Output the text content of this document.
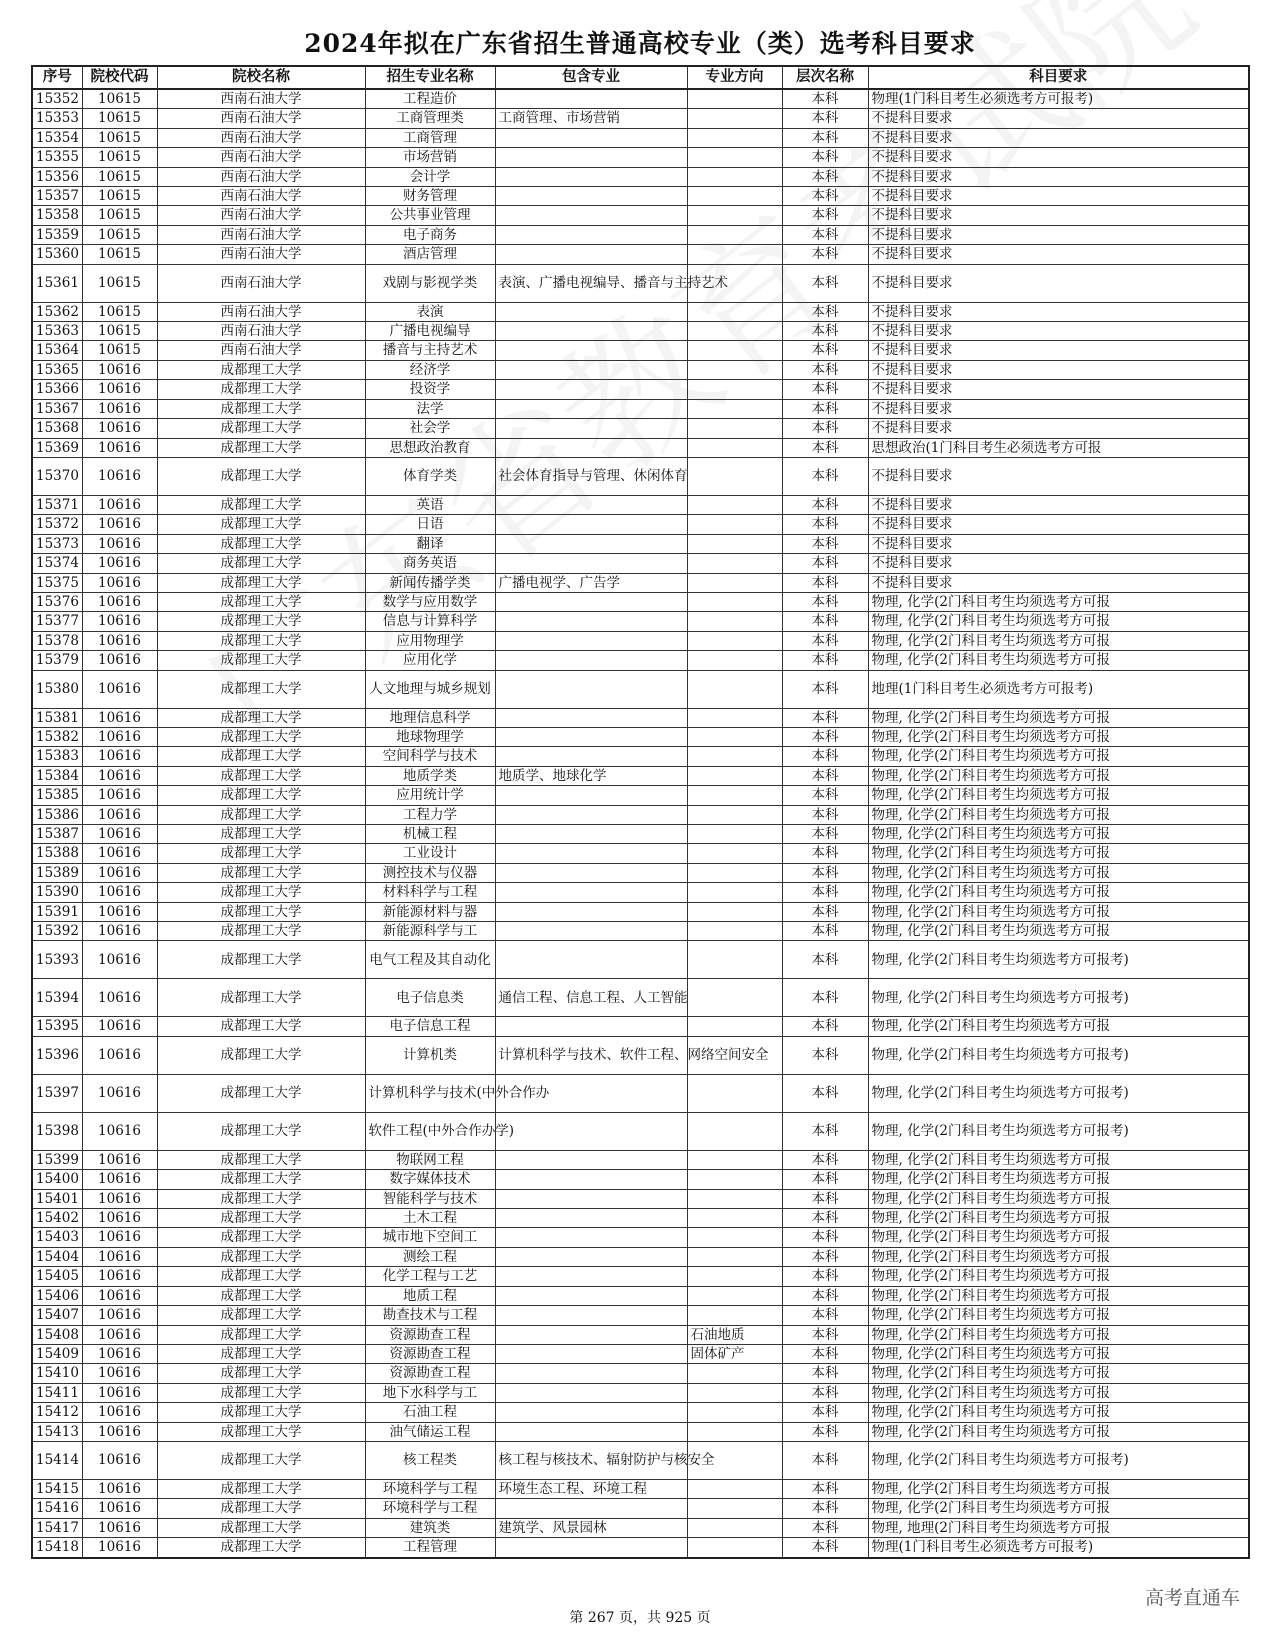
2024年拟在广东省招生普通高校专业（类）选考科目要求
序号	院校代码	院校名称	招生专业名称	包含专业	专业方向	层次名称	科目要求
15352	10615	西南石油大学	工程造价			本科	物理(1门科目考生必须选考方可报考)
15353	10615	西南石油大学	工商管理类	工商管理、市场营销		本科	不提科目要求
15354	10615	西南石油大学	工商管理			本科	不提科目要求
15355	10615	西南石油大学	市场营销			本科	不提科目要求
15356	10615	西南石油大学	会计学			本科	不提科目要求
15357	10615	西南石油大学	财务管理			本科	不提科目要求
15358	10615	西南石油大学	公共事业管理			本科	不提科目要求
15359	10615	西南石油大学	电子商务			本科	不提科目要求
15360	10615	西南石油大学	酒店管理			本科	不提科目要求
15361	10615	西南石油大学	戏剧与影视学类	表演、广播电视编导、播音与主持艺术		本科	不提科目要求
15362	10615	西南石油大学	表演			本科	不提科目要求
15363	10615	西南石油大学	广播电视编导			本科	不提科目要求
15364	10615	西南石油大学	播音与主持艺术			本科	不提科目要求
15365	10616	成都理工大学	经济学			本科	不提科目要求
15366	10616	成都理工大学	投资学			本科	不提科目要求
15367	10616	成都理工大学	法学			本科	不提科目要求
15368	10616	成都理工大学	社会学			本科	不提科目要求
15369	10616	成都理工大学	思想政治教育			本科	思想政治(1门科目考生必须选考方可报
15370	10616	成都理工大学	体育学类	社会体育指导与管理、休闲体育		本科	不提科目要求
15371	10616	成都理工大学	英语			本科	不提科目要求
15372	10616	成都理工大学	日语			本科	不提科目要求
15373	10616	成都理工大学	翻译			本科	不提科目要求
15374	10616	成都理工大学	商务英语			本科	不提科目要求
15375	10616	成都理工大学	新闻传播学类	广播电视学、广告学		本科	不提科目要求
15376	10616	成都理工大学	数学与应用数学			本科	物理, 化学(2门科目考生均须选考方可报
15377	10616	成都理工大学	信息与计算科学			本科	物理, 化学(2门科目考生均须选考方可报
15378	10616	成都理工大学	应用物理学			本科	物理, 化学(2门科目考生均须选考方可报
15379	10616	成都理工大学	应用化学			本科	物理, 化学(2门科目考生均须选考方可报
15380	10616	成都理工大学	人文地理与城乡规划			本科	地理(1门科目考生必须选考方可报考)
15381	10616	成都理工大学	地理信息科学			本科	物理, 化学(2门科目考生均须选考方可报
15382	10616	成都理工大学	地球物理学			本科	物理, 化学(2门科目考生均须选考方可报
15383	10616	成都理工大学	空间科学与技术			本科	物理, 化学(2门科目考生均须选考方可报
15384	10616	成都理工大学	地质学类	地质学、地球化学		本科	物理, 化学(2门科目考生均须选考方可报
15385	10616	成都理工大学	应用统计学			本科	物理, 化学(2门科目考生均须选考方可报
15386	10616	成都理工大学	工程力学			本科	物理, 化学(2门科目考生均须选考方可报
15387	10616	成都理工大学	机械工程			本科	物理, 化学(2门科目考生均须选考方可报
15388	10616	成都理工大学	工业设计			本科	物理, 化学(2门科目考生均须选考方可报
15389	10616	成都理工大学	测控技术与仪器			本科	物理, 化学(2门科目考生均须选考方可报
15390	10616	成都理工大学	材料科学与工程			本科	物理, 化学(2门科目考生均须选考方可报
15391	10616	成都理工大学	新能源材料与器			本科	物理, 化学(2门科目考生均须选考方可报
15392	10616	成都理工大学	新能源科学与工			本科	物理, 化学(2门科目考生均须选考方可报
15393	10616	成都理工大学	电气工程及其自动化			本科	物理, 化学(2门科目考生均须选考方可报考)
15394	10616	成都理工大学	电子信息类	通信工程、信息工程、人工智能		本科	物理, 化学(2门科目考生均须选考方可报考)
15395	10616	成都理工大学	电子信息工程			本科	物理, 化学(2门科目考生均须选考方可报
15396	10616	成都理工大学	计算机类	计算机科学与技术、软件工程、网络空间安全		本科	物理, 化学(2门科目考生均须选考方可报考)
15397	10616	成都理工大学	计算机科学与技术(中外合作办			本科	物理, 化学(2门科目考生均须选考方可报考)
15398	10616	成都理工大学	软件工程(中外合作办学)			本科	物理, 化学(2门科目考生均须选考方可报考)
15399	10616	成都理工大学	物联网工程			本科	物理, 化学(2门科目考生均须选考方可报
15400	10616	成都理工大学	数字媒体技术			本科	物理, 化学(2门科目考生均须选考方可报
15401	10616	成都理工大学	智能科学与技术			本科	物理, 化学(2门科目考生均须选考方可报
15402	10616	成都理工大学	土木工程			本科	物理, 化学(2门科目考生均须选考方可报
15403	10616	成都理工大学	城市地下空间工			本科	物理, 化学(2门科目考生均须选考方可报
15404	10616	成都理工大学	测绘工程			本科	物理, 化学(2门科目考生均须选考方可报
15405	10616	成都理工大学	化学工程与工艺			本科	物理, 化学(2门科目考生均须选考方可报
15406	10616	成都理工大学	地质工程			本科	物理, 化学(2门科目考生均须选考方可报
15407	10616	成都理工大学	勘查技术与工程			本科	物理, 化学(2门科目考生均须选考方可报
15408	10616	成都理工大学	资源勘查工程		石油地质	本科	物理, 化学(2门科目考生均须选考方可报
15409	10616	成都理工大学	资源勘查工程		固体矿产	本科	物理, 化学(2门科目考生均须选考方可报
15410	10616	成都理工大学	资源勘查工程			本科	物理, 化学(2门科目考生均须选考方可报
15411	10616	成都理工大学	地下水科学与工			本科	物理, 化学(2门科目考生均须选考方可报
15412	10616	成都理工大学	石油工程			本科	物理, 化学(2门科目考生均须选考方可报
15413	10616	成都理工大学	油气储运工程			本科	物理, 化学(2门科目考生均须选考方可报
15414	10616	成都理工大学	核工程类	核工程与核技术、辐射防护与核安全		本科	物理, 化学(2门科目考生均须选考方可报考)
15415	10616	成都理工大学	环境科学与工程	环境生态工程、环境工程		本科	物理, 化学(2门科目考生均须选考方可报
15416	10616	成都理工大学	环境科学与工程			本科	物理, 化学(2门科目考生均须选考方可报
15417	10616	成都理工大学	建筑类	建筑学、风景园林		本科	物理, 地理(2门科目考生均须选考方可报
15418	10616	成都理工大学	工程管理			本科	物理(1门科目考生必须选考方可报考)
第 267 页，共 925 页
高考直通车
